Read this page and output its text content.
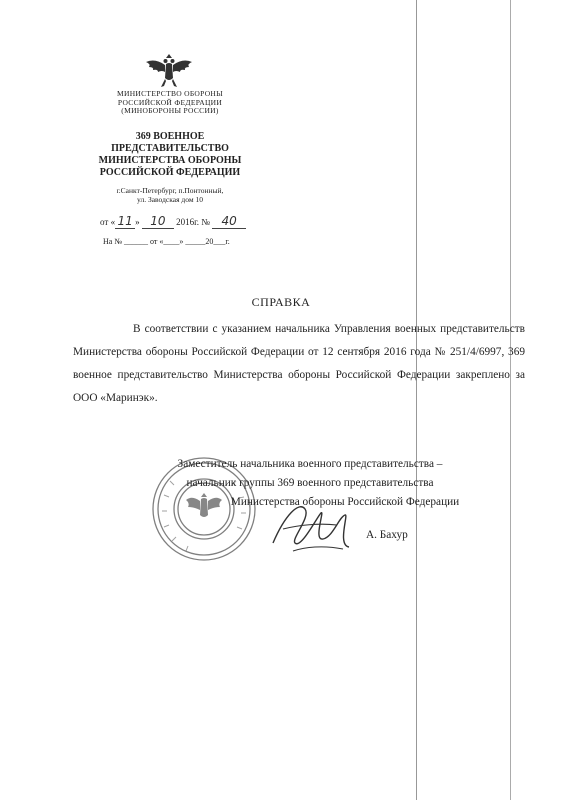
МИНИСТЕРСТВО ОБОРОНЫ
РОССИЙСКОЙ ФЕДЕРАЦИИ
(МИНОБОРОНЫ РОССИИ)
369 ВОЕННОЕ
ПРЕДСТАВИТЕЛЬСТВО
МИНИСТЕРСТВА ОБОРОНЫ
РОССИЙСКОЙ ФЕДЕРАЦИИ
г.Санкт-Петербург, п.Понтонный,
ул. Заводская дом 10
от « 11 » 10 2016г. № 40
На № ______ от «____» _____20___г.
СПРАВКА

В соответствии с указанием начальника Управления военных представительств Министерства обороны Российской Федерации от 12 сентября 2016 года № 251/4/6997, 369 военное представительство Министерства обороны Российской Федерации закреплено за ООО «Маринэк».

Заместитель начальника военного представительства –
начальник группы 369 военного представительства
Министерства обороны Российской Федерации
А. Бахур
